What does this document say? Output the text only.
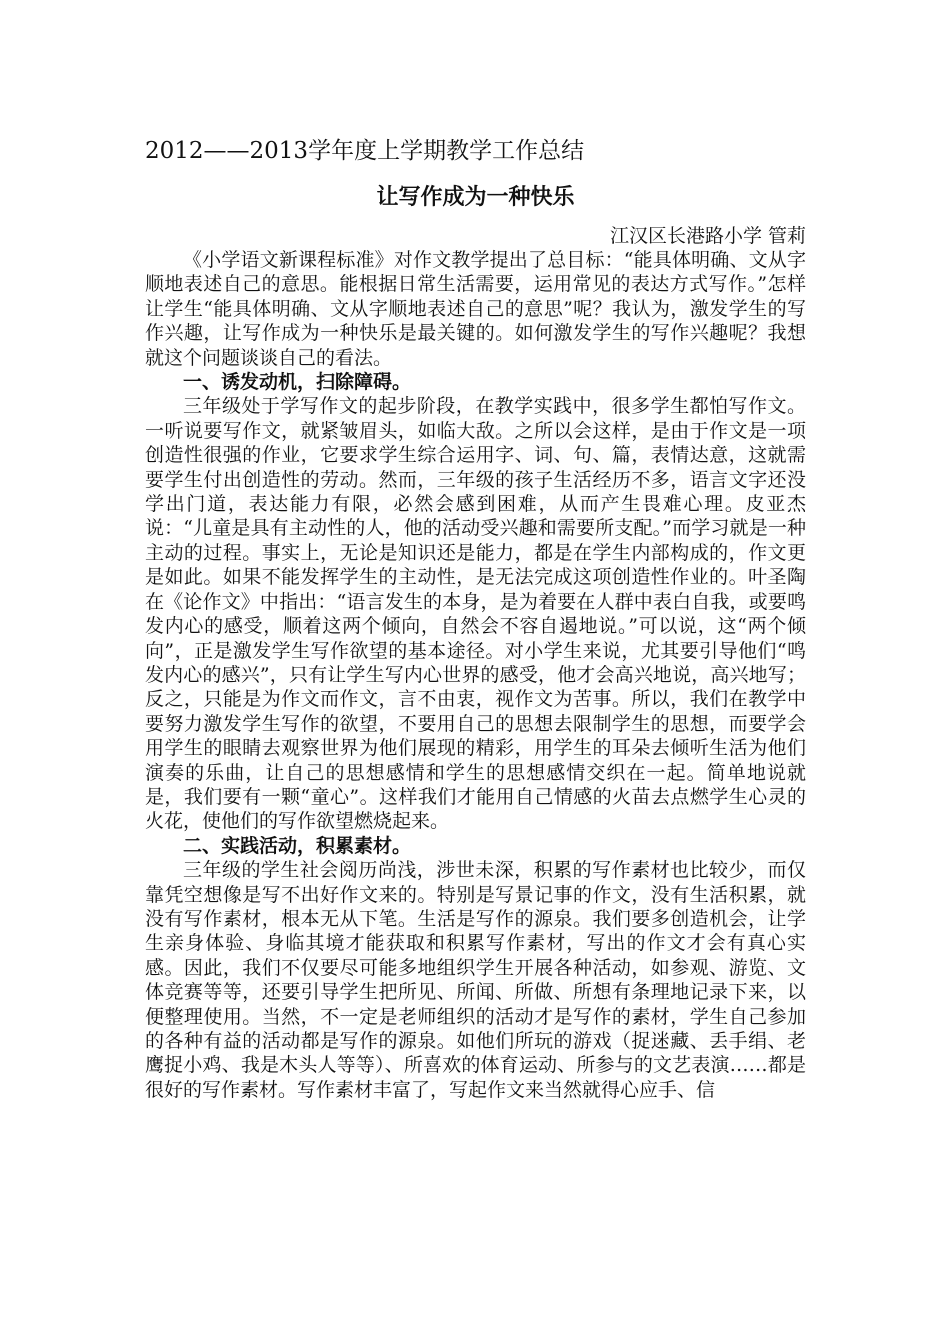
2012——2013学年度上学期教学工作总结
让写作成为一种快乐
江汉区长港路小学 管莉

《小学语文新课程标准》对作文教学提出了总目标：“能具体明确、文从字顺地表述自己的意思。能根据日常生活需要，运用常见的表达方式写作。”怎样让学生“能具体明确、文从字顺地表述自己的意思”呢？我认为，激发学生的写作兴趣，让写作成为一种快乐是最关键的。如何激发学生的写作兴趣呢？我想就这个问题谈谈自己的看法。

一、诱发动机，扫除障碍。

三年级处于学写作文的起步阶段，在教学实践中，很多学生都怕写作文。一听说要写作文，就紧皱眉头，如临大敌。之所以会这样，是由于作文是一项创造性很强的作业，它要求学生综合运用字、词、句、篇，表情达意，这就需要学生付出创造性的劳动。然而，三年级的孩子生活经历不多，语言文字还没学出门道，表达能力有限，必然会感到困难，从而产生畏难心理。皮亚杰说：“儿童是具有主动性的人，他的活动受兴趣和需要所支配。”而学习就是一种主动的过程。事实上，无论是知识还是能力，都是在学生内部构成的，作文更是如此。如果不能发挥学生的主动性，是无法完成这项创造性作业的。叶圣陶在《论作文》中指出：“语言发生的本身，是为着要在人群中表白自我，或要鸣发内心的感受，顺着这两个倾向，自然会不容自遏地说。”可以说，这“两个倾向”，正是激发学生写作欲望的基本途径。对小学生来说，尤其要引导他们“鸣发内心的感兴”，只有让学生写内心世界的感受，他才会高兴地说，高兴地写；反之，只能是为作文而作文，言不由衷，视作文为苦事。所以，我们在教学中要努力激发学生写作的欲望，不要用自己的思想去限制学生的思想，而要学会用学生的眼睛去观察世界为他们展现的精彩，用学生的耳朵去倾听生活为他们演奏的乐曲，让自己的思想感情和学生的思想感情交织在一起。简单地说就是，我们要有一颗“童心”。这样我们才能用自己情感的火苗去点燃学生心灵的火花，使他们的写作欲望燃烧起来。

二、实践活动，积累素材。

三年级的学生社会阅历尚浅，涉世未深，积累的写作素材也比较少，而仅靠凭空想像是写不出好作文来的。特别是写景记事的作文，没有生活积累，就没有写作素材，根本无从下笔。生活是写作的源泉。我们要多创造机会，让学生亲身体验、身临其境才能获取和积累写作素材，写出的作文才会有真心实感。因此，我们不仅要尽可能多地组织学生开展各种活动，如参观、游览、文体竞赛等等，还要引导学生把所见、所闻、所做、所想有条理地记录下来，以便整理使用。当然，不一定是老师组织的活动才是写作的素材，学生自己参加的各种有益的活动都是写作的源泉。如他们所玩的游戏（捉迷藏、丢手绢、老鹰捉小鸡、我是木头人等等）、所喜欢的体育运动、所参与的文艺表演……都是很好的写作素材。写作素材丰富了，写起作文来当然就得心应手、信
